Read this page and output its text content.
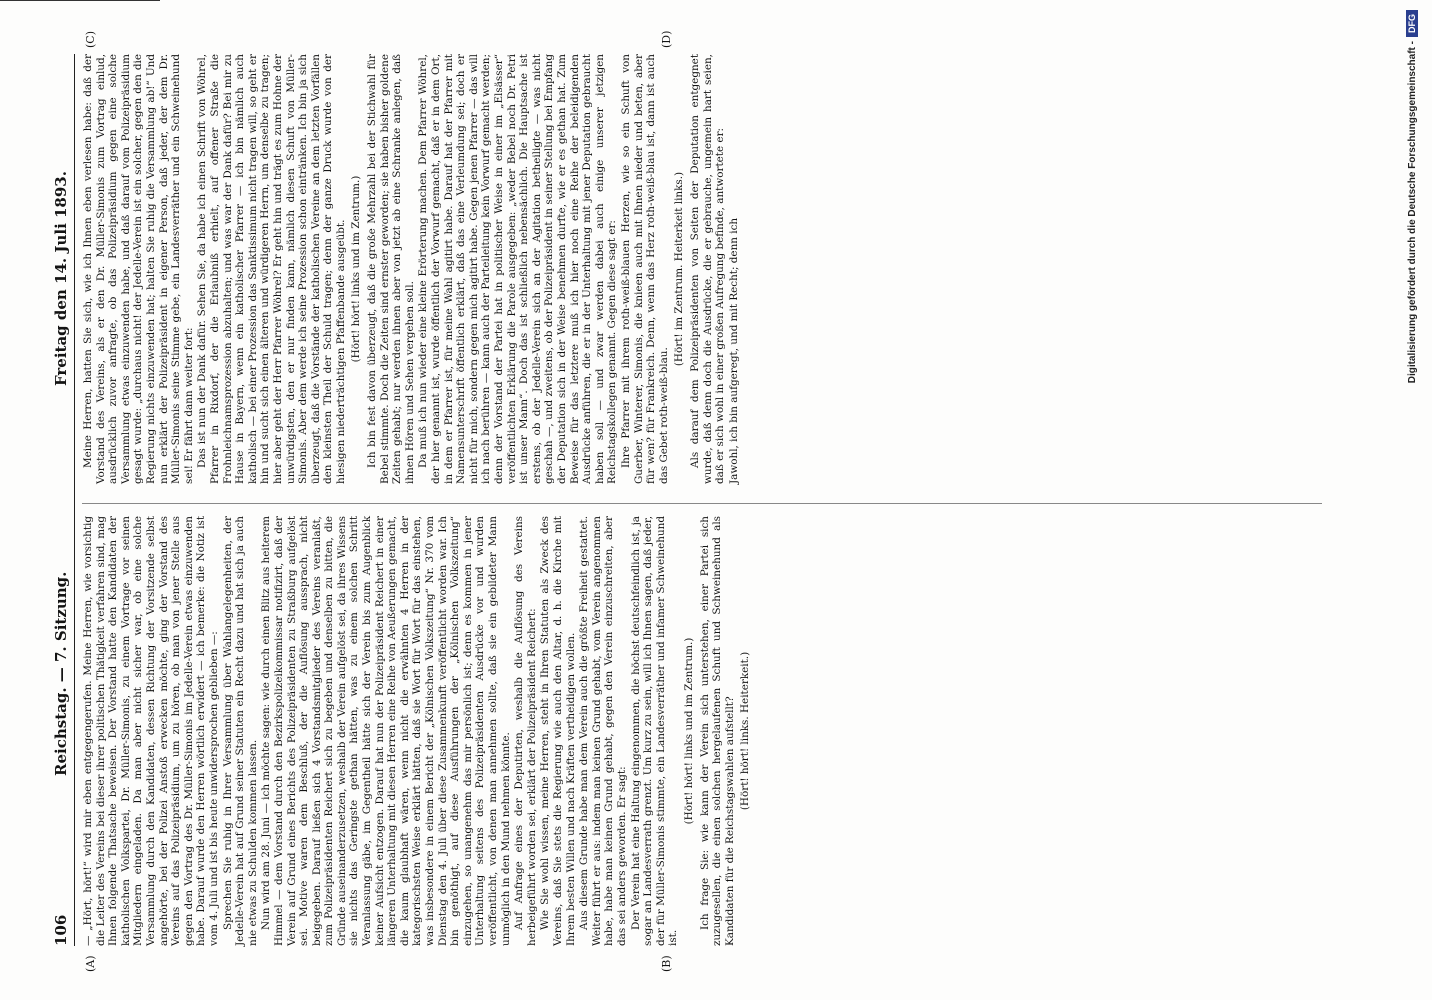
106
Reichstag. — 7. Sitzung.
Freitag den 14. Juli 1893.
(A)	(B)
(C)	(D)

— „Hört, hört!“ wird mir eben entgegengerufen. Meine Herren, wie vorsichtig die Leiter des Vereins bei dieser ihrer politischen Thätigkeit verfahren sind, mag Ihnen folgende Thatsache beweisen. Der Vorstand hatte den Kandidaten der katholischen Volkspartei, Dr. Müller-Simonis, zu einem Vortrage vor seinen Mitgliedern eingeladen. Da man aber nicht sicher war, ob eine solche Versammlung durch den Kandidaten, dessen Richtung der Vorsitzende selbst angehörte, bei der Polizei Anstoß erwecken möchte, ging der Vorstand des Vereins auf das Polizeipräsidium, um zu hören, ob man von jener Stelle aus gegen den Vortrag des Dr. Müller-Simonis im Jedelle-Verein etwas einzuwenden habe. Darauf wurde den Herren wörtlich erwidert — ich bemerke: die Notiz ist vom 4. Juli und ist bis heute unwidersprochen geblieben —: Sprechen Sie ruhig in Ihrer Versammlung über Wahlangelegenheiten, der Jedelle-Verein hat auf Grund seiner Statuten ein Recht dazu und hat sich ja auch nie etwas zu Schulden kommen lassen. Nun wird am 28. Juni — ich möchte sagen: wie durch einen Blitz aus heiterem Himmel — dem Vorstand durch den Bezirkspolizeikommissar notifizirt, daß der Verein auf Grund eines Berichts des Polizeipräsidenten zu Straßburg aufgelöst sei. Motive waren dem Beschluß, der die Auflösung aussprach, nicht beigegeben. Darauf ließen sich 4 Vorstandsmitglieder des Vereins veranlaßt, zum Polizeipräsidenten Reichert sich zu begeben und denselben zu bitten, die Gründe auseinanderzusetzen, weshalb der Verein aufgelöst sei, da ihres Wissens sie nichts das Geringste gethan hätten, was zu einem solchen Schritt Veranlassung gäbe, im Gegentheil hätte sich der Verein bis zum Augenblick keiner Aufsicht entzogen. Darauf hat nun der Polizeipräsident Reichert in einer längeren Unterhaltung mit diesen Herren eine Reihe von Aeußerungen gemacht, die kaum glaubhaft wären, wenn nicht die erwähnten 4 Herren in der kategorischsten Weise erklärt hätten, daß sie Wort für Wort für das einstehen, was insbesondere in einem Bericht der „Kölnischen Volkszeitung“ Nr. 370 vom Dienstag den 4. Juli über diese Zusammenkunft veröffentlicht worden war. Ich bin genöthigt, auf diese Ausführungen der „Kölnischen Volkszeitung“ einzugehen, so unangenehm das mir persönlich ist; denn es kommen in jener Unterhaltung seitens des Polizeipräsidenten Ausdrücke vor und wurden veröffentlicht, von denen man annehmen sollte, daß sie ein gebildeter Mann unmöglich in den Mund nehmen könnte. Auf Anfrage eines der Deputirten, weshalb die Auflösung des Vereins herbeigeführt worden sei, erklärt der Polizeipräsident Reichert: Wie Sie wohl wissen, meine Herren, steht in Ihren Statuten als Zweck des Vereins, daß Sie stets die Regierung wie auch den Altar, d. h. die Kirche mit Ihrem besten Willen und nach Kräften vertheidigen wollen. Aus diesem Grunde habe man dem Verein auch die größte Freiheit gestattet. Weiter führt er aus: indem man keinen Grund gehabt, vom Verein angenommen habe, habe man keinen Grund gehabt, gegen den Verein einzuschreiten, aber das sei anders geworden. Er sagt: Der Verein hat eine Haltung eingenommen, die höchst deutschfeindlich ist, ja sogar an Landesverrath grenzt. Um kurz zu sein, will ich Ihnen sagen, daß jeder, der für Müller-Simonis stimmte, ein Landesverräther und infamer Schweinehund ist.

(Hört! hört! links und im Zentrum.) Ich frage Sie: wie kann der Verein sich unterstehen, einer Partei sich zuzugesellen, die einen solchen hergelaufenen Schuft und Schweinehund als Kandidaten für die Reichstagswahlen aufstellt? (Hört! hört! links. Heiterkeit.)

Meine Herren, hatten Sie sich, wie ich Ihnen eben verlesen habe: daß der Vorstand des Vereins, als er den Dr. Müller-Simonis zum Vortrag einlud, ausdrücklich zuvor anfragte, ob das Polizeipräsidium gegen eine solche Versammlung etwas einzuwenden habe, und daß darauf vom Polizeipräsidium gesagt wurde: „durchaus nicht! der Jedelle-Verein ist ein solcher, gegen den die Regierung nichts einzuwenden hat; halten Sie ruhig die Versammlung ab!“ Und nun erklärt der Polizeipräsident in eigener Person, daß jeder, der dem Dr. Müller-Simonis seine Stimme gebe, ein Landesverräther und ein Schweinehund sei! Er fährt dann weiter fort: Das ist nun der Dank dafür. Sehen Sie, da habe ich einen Schrift von Wöhrel, Pfarrer in Rixdorf, der die Erlaubniß erhielt, auf offener Straße die Frohnleichnamsprozession abzuhalten; und was war der Dank dafür? Bei mir zu Hause in Bayern, wenn ein katholischer Pfarrer — ich bin nämlich auch katholisch — bei einer Prozession das Sanktissimum nicht tragen will, so geht er hin und sucht sich einen älteren und würdigeren Herrn, um denselbe zu tragen; hier aber geht der Herr Pfarrer Wöhrel? Er geht hin und trägt es zum Hohne der unwürdigsten, den er nur finden kann, nämlich diesen Schuft von Müller-Simonis. Aber dem werde ich seine Prozession schon eintränken. Ich bin ja sich überzeugt, daß die Vorstände der katholischen Vereine an dem letzten Vorfällen den kleinsten Theil der Schuld tragen; denn der ganze Druck wurde von der hiesigen niederträchtigen Pfaffenbande ausgeübt. (Hört! hört! links und im Zentrum.) Ich bin fest davon überzeugt, daß die große Mehrzahl bei der Stichwahl für Bebel stimmte. Doch die Zeiten sind ernster geworden; sie haben bisher goldene Zeiten gehabt; nur werden ihnen aber von jetzt ab eine Schranke anlegen, daß ihnen Hören und Sehen vergehen soll. Da muß ich nun wieder eine kleine Erörterung machen. Dem Pfarrer Wöhrel, der hier genannt ist, wurde öffentlich der Vorwurf gemacht, daß er in dem Ort, in dem er Pfarrer ist, für meine Wahl agitirt habe. Darauf hat der Pfarrer mit Namensunterschrift öffentlich erklärt, daß das eine Verleumdung sei; doch er nicht für mich, sondern gegen mich agitirt habe. Gegen jenen Pfarrer — das will ich nach berühren — kann auch der Parteileitung kein Vorwurf gemacht werden; denn der Vorstand der Partei hat in politischer Weise in einer im „Elsässer“ veröffentlichten Erklärung die Parole ausgegeben: „weder Bebel noch Dr. Petri ist unser Mann“. Doch das ist schließlich nebensächlich. Die Hauptsache ist erstens, ob der Jedelle-Verein sich an der Agitation betheiligte — was nicht geschah —, und zweitens, ob der Polizeipräsident in seiner Stellung bei Empfang der Deputation sich in der Weise benehmen durfte, wie er es gethan hat. Zum Beweise für das letztere muß ich hier noch eine Reihe der beleidigenden Ausdrücke anführen, die er in der Unterhaltung mit jener Deputation gebraucht haben soll — und zwar werden dabei auch einige unserer jetzigen Reichstagskollegen genannt. Gegen diese sagt er: Ihre Pfarrer mit ihrem roth-weiß-blauen Herzen, wie so ein Schuft von Guerber, Winterer, Simonis, die knieen auch mit Ihnen nieder und beten, aber für wen? für Frankreich. Denn, wenn das Herz roth-weiß-blau ist, dann ist auch das Gebet roth-weiß-blau.

(Hört! im Zentrum. Heiterkeit links.) Als darauf dem Polizeipräsidenten von Seiten der Deputation entgegnet wurde, daß denn doch die Ausdrücke, die er gebrauche, ungemein hart seien, daß er sich wohl in einer großen Aufregung befinde, antwortete er: Jawohl, ich bin aufgeregt, und mit Recht; denn ich	Digitalisierung gefördert durch die Deutsche Forschungsgemeinschaft -DFG
